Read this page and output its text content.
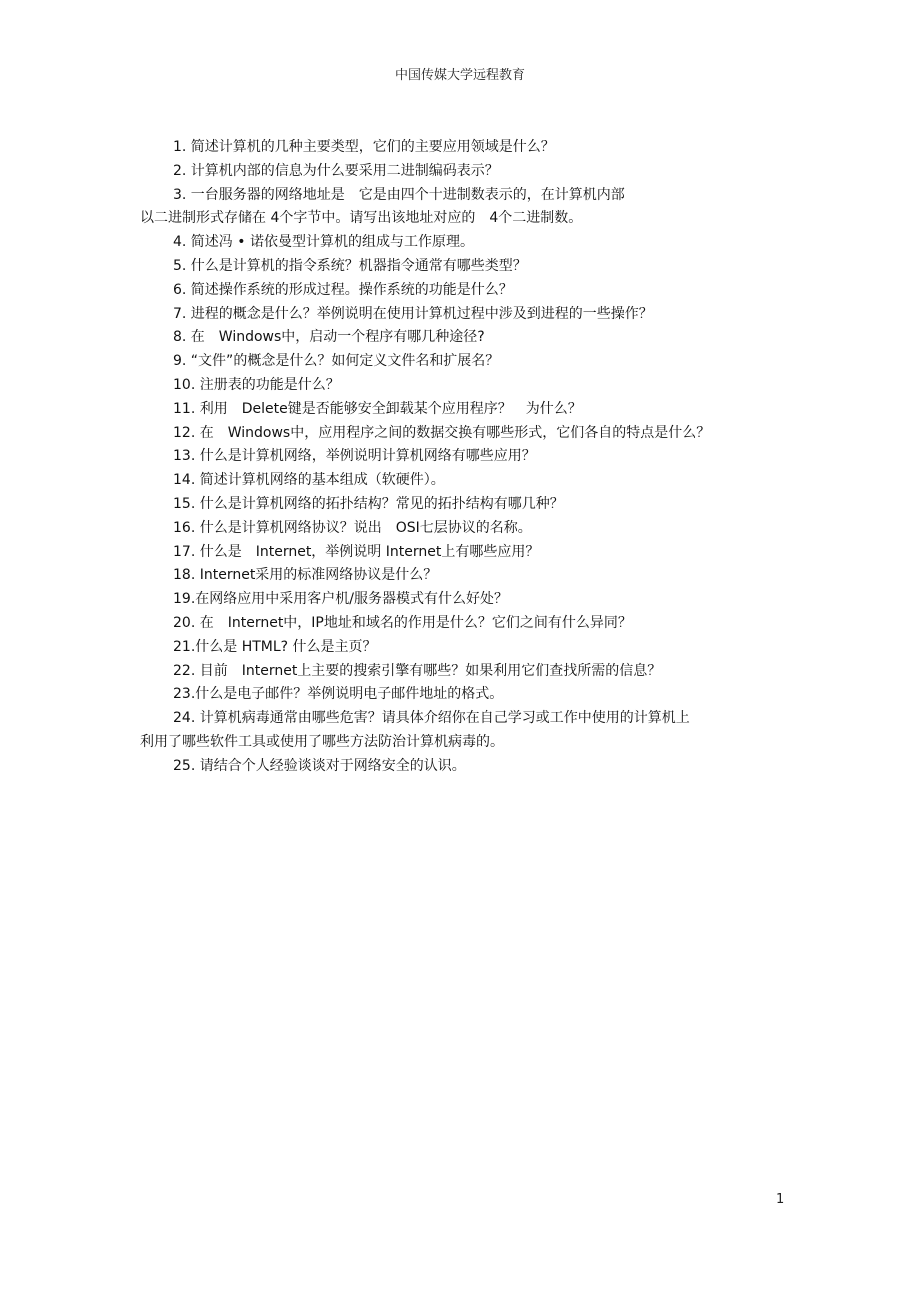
中国传媒大学远程教育
1. 简述计算机的几种主要类型，它们的主要应用领域是什么？
2. 计算机内部的信息为什么要采用二进制编码表示？
3. 一台服务器的网络地址是　它是由四个十进制数表示的，在计算机内部
以二进制形式存储在 4个字节中。请写出该地址对应的　4个二进制数。
4. 简述冯 • 诺依曼型计算机的组成与工作原理。
5. 什么是计算机的指令系统？机器指令通常有哪些类型？
6. 简述操作系统的形成过程。操作系统的功能是什么？
7. 进程的概念是什么？举例说明在使用计算机过程中涉及到进程的一些操作？
8. 在　Windows中，启动一个程序有哪几种途径?
9. “文件”的概念是什么？如何定义文件名和扩展名？
10. 注册表的功能是什么？
11. 利用　Delete键是否能够安全卸载某个应用程序？　为什么？
12. 在　Windows中，应用程序之间的数据交换有哪些形式，它们各自的特点是什么？
13. 什么是计算机网络，举例说明计算机网络有哪些应用？
14. 简述计算机网络的基本组成（软硬件）。
15. 什么是计算机网络的拓扑结构？常见的拓扑结构有哪几种？
16. 什么是计算机网络协议？说出　OSI七层协议的名称。
17. 什么是　Internet，举例说明 Internet上有哪些应用？
18. Internet采用的标准网络协议是什么？
19.在网络应用中采用客户机/服务器模式有什么好处？
20. 在　Internet中，IP地址和域名的作用是什么？它们之间有什么异同？
21.什么是 HTML? 什么是主页？
22. 目前　Internet上主要的搜索引擎有哪些？如果利用它们查找所需的信息？
23.什么是电子邮件？举例说明电子邮件地址的格式。
24. 计算机病毒通常由哪些危害？请具体介绍你在自己学习或工作中使用的计算机上
利用了哪些软件工具或使用了哪些方法防治计算机病毒的。
25. 请结合个人经验谈谈对于网络安全的认识。
1
